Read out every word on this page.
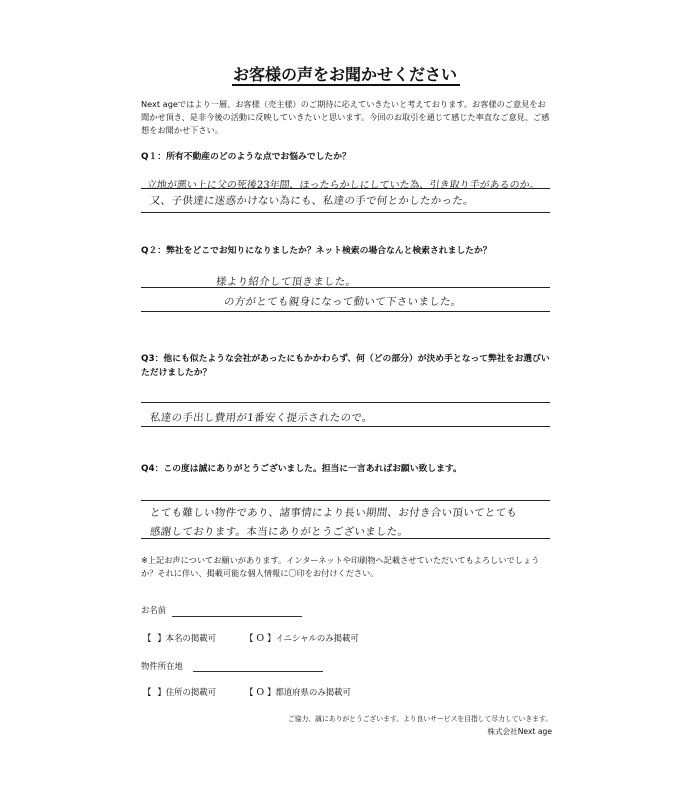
お客様の声をお聞かせください

Next ageではより一層、お客様（売主様）のご期待に応えていきたいと考えております。お客様のご意見をお聞かせ頂き、是非今後の活動に反映していきたいと思います。今回のお取引を通じて感じた率直なご意見、ご感想をお聞かせ下さい。

Q１：所有不動産のどのような点でお悩みでしたか？

立地が悪い上に父の死後23年間、ほったらかしにしていた為、引き取り手があるのか。
又、子供達に迷惑かけない為にも、私達の手で何とかしたかった。

Q２：弊社をどこでお知りになりましたか？ネット検索の場合なんと検索されましたか？

様より紹介して頂きました。
の方がとても親身になって動いて下さいました。

Q3：他にも似たような会社があったにもかかわらず、何（どの部分）が決め手となって弊社をお選びいただけましたか？

私達の手出し費用が1番安く提示されたので。

Q4：この度は誠にありがとうございました。担当に一言あればお願い致します。

とても難しい物件であり、諸事情により長い期間、お付き合い頂いてとても
感謝しております。本当にありがとうございました。

※上記お声についてお願いがあります。インターネットや印刷物へ記載させていただいてもよろしいでしょうか？それに伴い、掲載可能な個人情報に〇印をお付けください。

お名前
【 】本名の掲載可	【 O 】イニシャルのみ掲載可
物件所在地
【 】住所の掲載可	【 O 】都道府県のみ掲載可
ご協力、誠にありがとうございます。より良いサービスを目指して尽力していきます。
株式会社Next age
